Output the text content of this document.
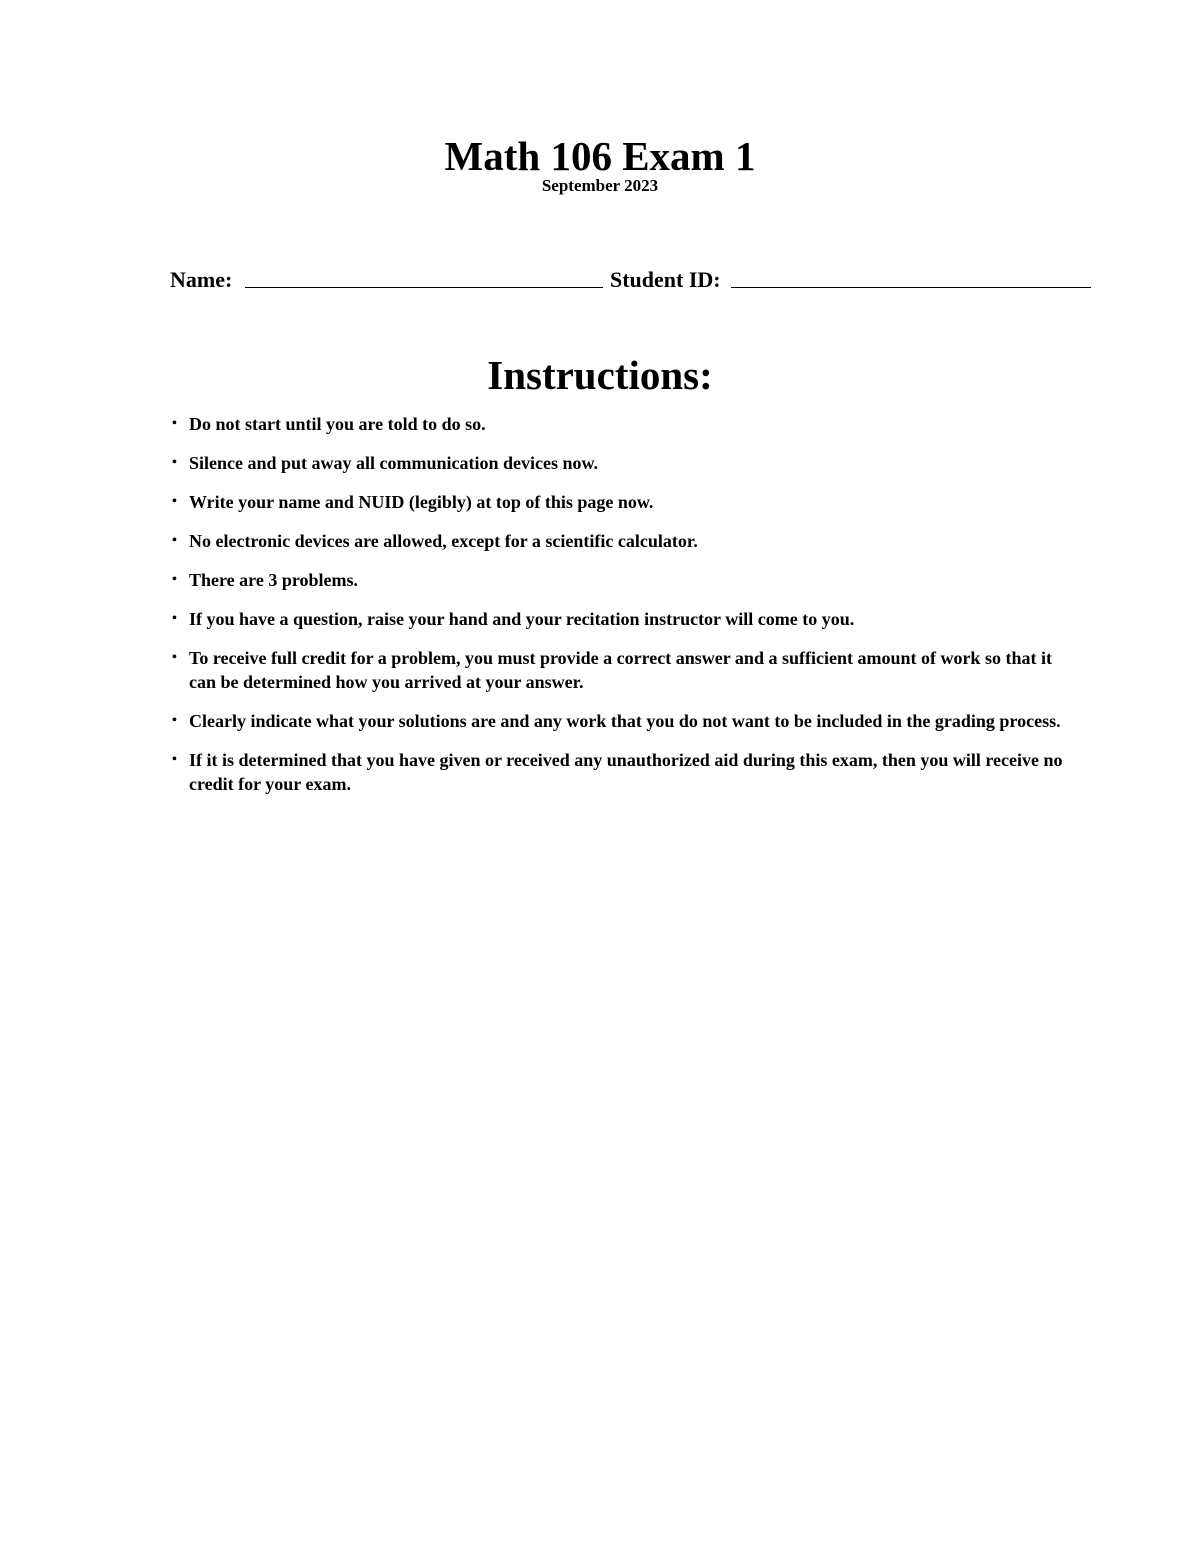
Math 106 Exam 1
September 2023
Name:	Student ID:
Instructions:
• Do not start until you are told to do so.
• Silence and put away all communication devices now.
• Write your name and NUID (legibly) at top of this page now.
• No electronic devices are allowed, except for a scientific calculator.
• There are 3 problems.
• If you have a question, raise your hand and your recitation instructor will come to you.
• To receive full credit for a problem, you must provide a correct answer and a sufficient amount of work so that it can be determined how you arrived at your answer.
• Clearly indicate what your solutions are and any work that you do not want to be included in the grading process.
• If it is determined that you have given or received any unauthorized aid during this exam, then you will receive no credit for your exam.
